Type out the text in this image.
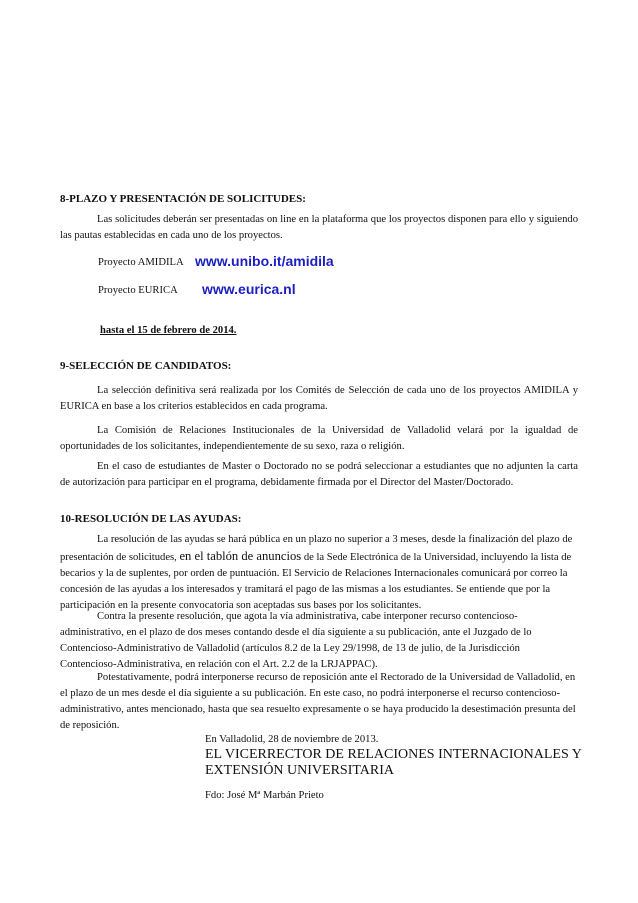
8-PLAZO Y PRESENTACIÓN DE SOLICITUDES:

Las solicitudes deberán ser presentadas on line en la plataforma que los proyectos disponen para ello y siguiendo las pautas establecidas en cada uno de los proyectos.

Proyecto AMIDILA www.unibo.it/amidila
Proyecto EURICA www.eurica.nl
hasta el 15 de febrero de 2014.
9-SELECCIÓN DE CANDIDATOS:

La selección definitiva será realizada por los Comités de Selección de cada uno de los proyectos AMIDILA y EURICA en base a los criterios establecidos en cada programa.

La Comisión de Relaciones Institucionales de la Universidad de Valladolid velará por la igualdad de oportunidades de los solicitantes, independientemente de su sexo, raza o religión.

En el caso de estudiantes de Master o Doctorado no se podrá seleccionar a estudiantes que no adjunten la carta de autorización para participar en el programa, debidamente firmada por el Director del Master/Doctorado.

10-RESOLUCIÓN DE LAS AYUDAS:

La resolución de las ayudas se hará pública en un plazo no superior a 3 meses, desde la finalización del plazo de presentación de solicitudes, en el tablón de anuncios de la Sede Electrónica de la Universidad, incluyendo la lista de becarios y la de suplentes, por orden de puntuación. El Servicio de Relaciones Internacionales comunicará por correo la concesión de las ayudas a los interesados y tramitará el pago de las mismas a los estudiantes. Se entiende que por la participación en la presente convocatoria son aceptadas sus bases por los solicitantes.

Contra la presente resolución, que agota la vía administrativa, cabe interponer recurso contencioso-administrativo, en el plazo de dos meses contando desde el día siguiente a su publicación, ante el Juzgado de lo Contencioso-Administrativo de Valladolid (artículos 8.2 de la Ley 29/1998, de 13 de julio, de la Jurisdicción Contencioso-Administrativa, en relación con el Art. 2.2 de la LRJAPPAC).

Potestativamente, podrá interponerse recurso de reposición ante el Rectorado de la Universidad de Valladolid, en el plazo de un mes desde el día siguiente a su publicación. En este caso, no podrá interponerse el recurso contencioso-administrativo, antes mencionado, hasta que sea resuelto expresamente o se haya producido la desestimación presunta del de reposición.

En Valladolid, 28 de noviembre de 2013.
EL VICERRECTOR DE RELACIONES INTERNACIONALES Y
EXTENSIÓN UNIVERSITARIA
Fdo: José Mª Marbán Prieto
